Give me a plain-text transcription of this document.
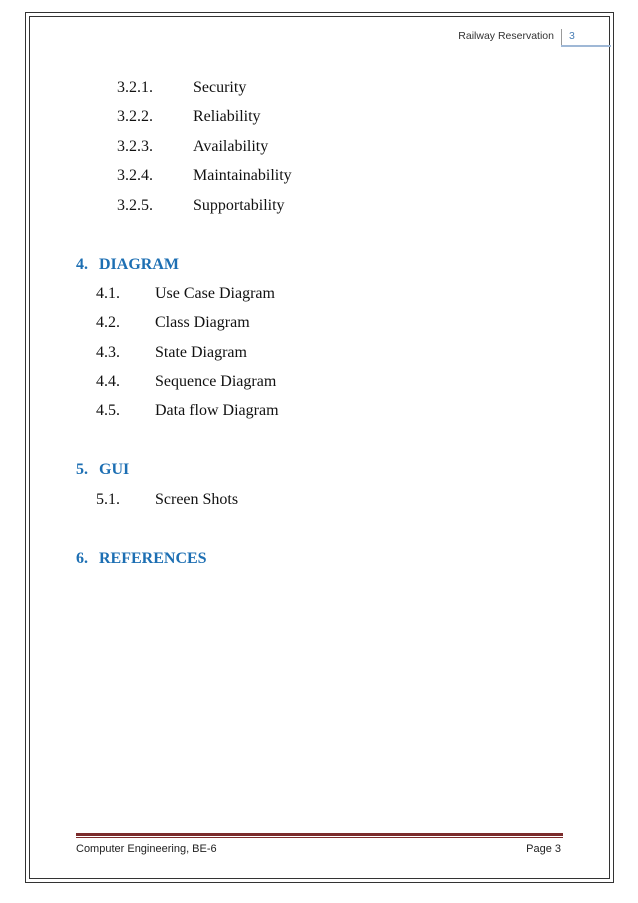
Railway Reservation 3
3.2.1.	Security
3.2.2.	Reliability
3.2.3.	Availability
3.2.4.	Maintainability
3.2.5.	Supportability
4. DIAGRAM
4.1. Use Case Diagram
4.2. Class Diagram
4.3. State Diagram
4.4. Sequence Diagram
4.5. Data flow Diagram
5. GUI
5.1. Screen Shots
6. REFERENCES
Computer Engineering, BE-6	Page 3
